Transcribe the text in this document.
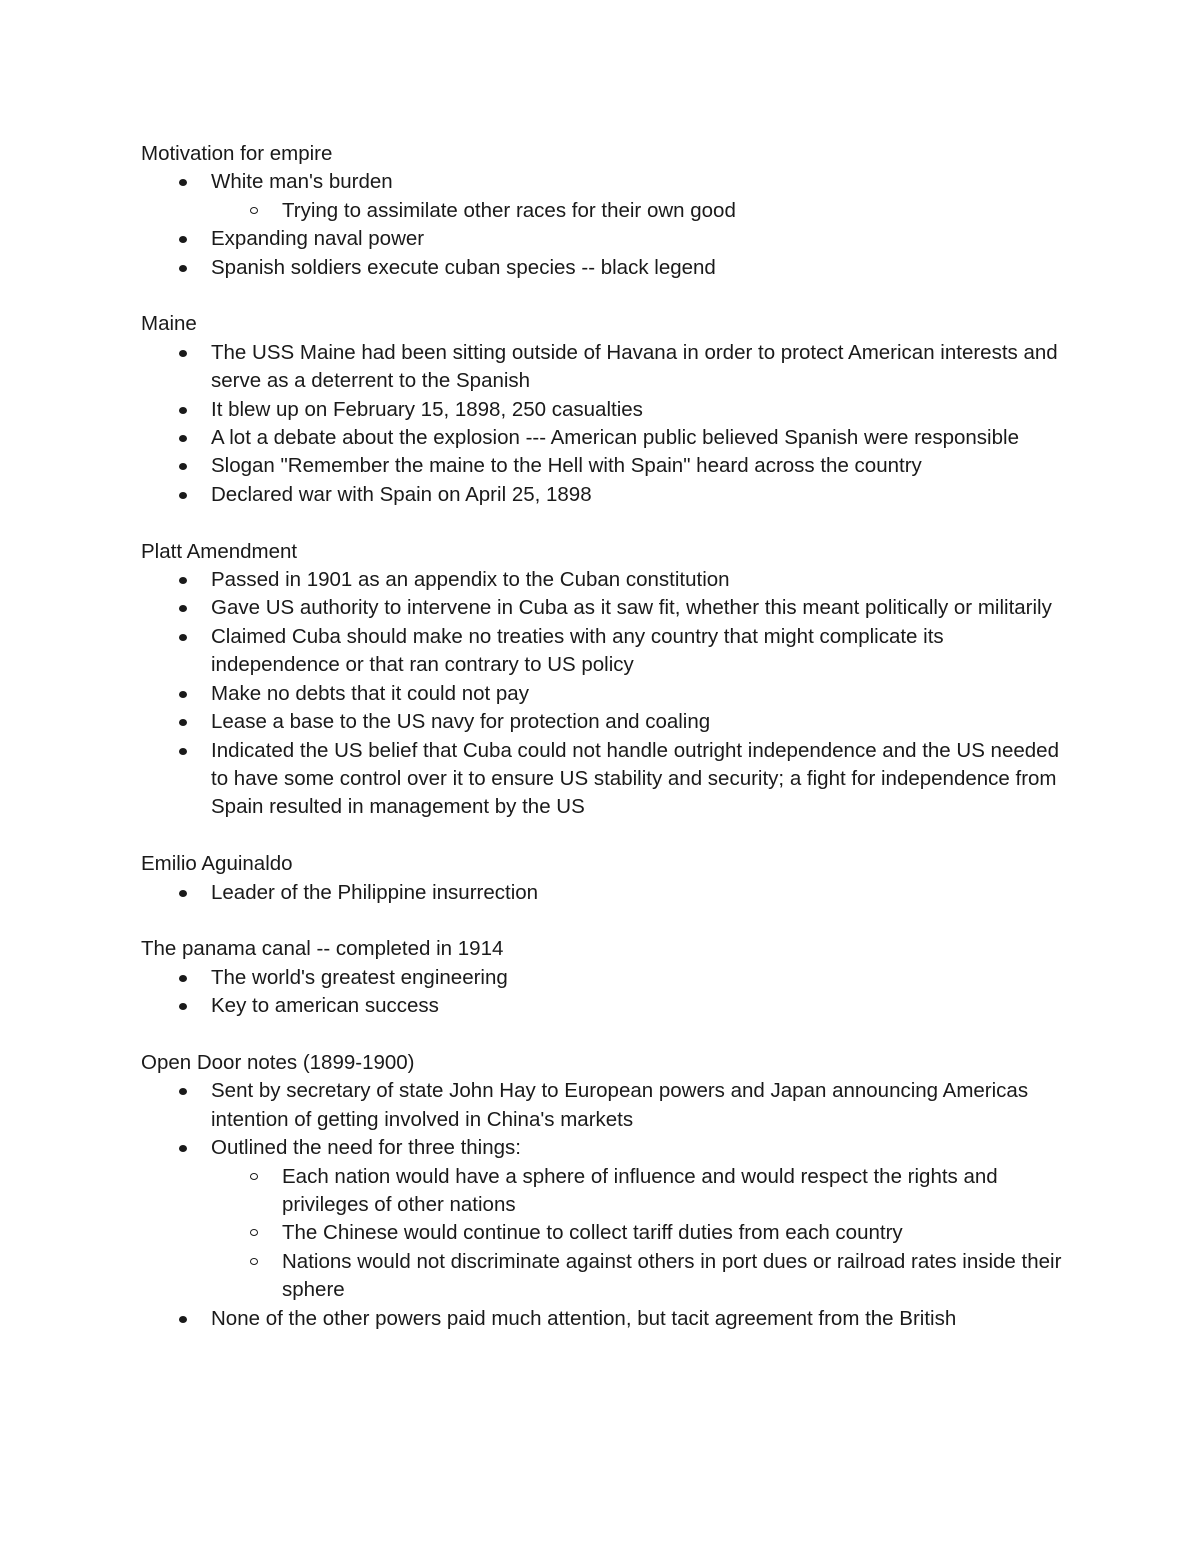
Motivation for empire

White man's burden
Trying to assimilate other races for their own good
Expanding naval power
Spanish soldiers execute cuban species -- black legend

Maine

The USS Maine had been sitting outside of Havana in order to protect American interests and serve as a deterrent to the Spanish
It blew up on February 15, 1898, 250 casualties
A lot a debate about the explosion --- American public believed Spanish were responsible
Slogan "Remember the maine to the Hell with Spain" heard across the country
Declared war with Spain on April 25, 1898

Platt Amendment

Passed in 1901 as an appendix to the Cuban constitution
Gave US authority to intervene in Cuba as it saw fit, whether this meant politically or militarily
Claimed Cuba should make no treaties with any country that might complicate its independence or that ran contrary to US policy
Make no debts that it could not pay
Lease a base to the US navy for protection and coaling
Indicated the US belief that Cuba could not handle outright independence and the US needed to have some control over it to ensure US stability and security; a fight for independence from Spain resulted in management by the US

Emilio Aguinaldo

Leader of the Philippine insurrection

The panama canal -- completed in 1914

The world's greatest engineering
Key to american success

Open Door notes (1899-1900)

Sent by secretary of state John Hay to European powers and Japan announcing Americas intention of getting involved in China's markets
Outlined the need for three things:
Each nation would have a sphere of influence and would respect the rights and privileges of other nations
The Chinese would continue to collect tariff duties from each country
Nations would not discriminate against others in port dues or railroad rates inside their sphere
None of the other powers paid much attention, but tacit agreement from the British
